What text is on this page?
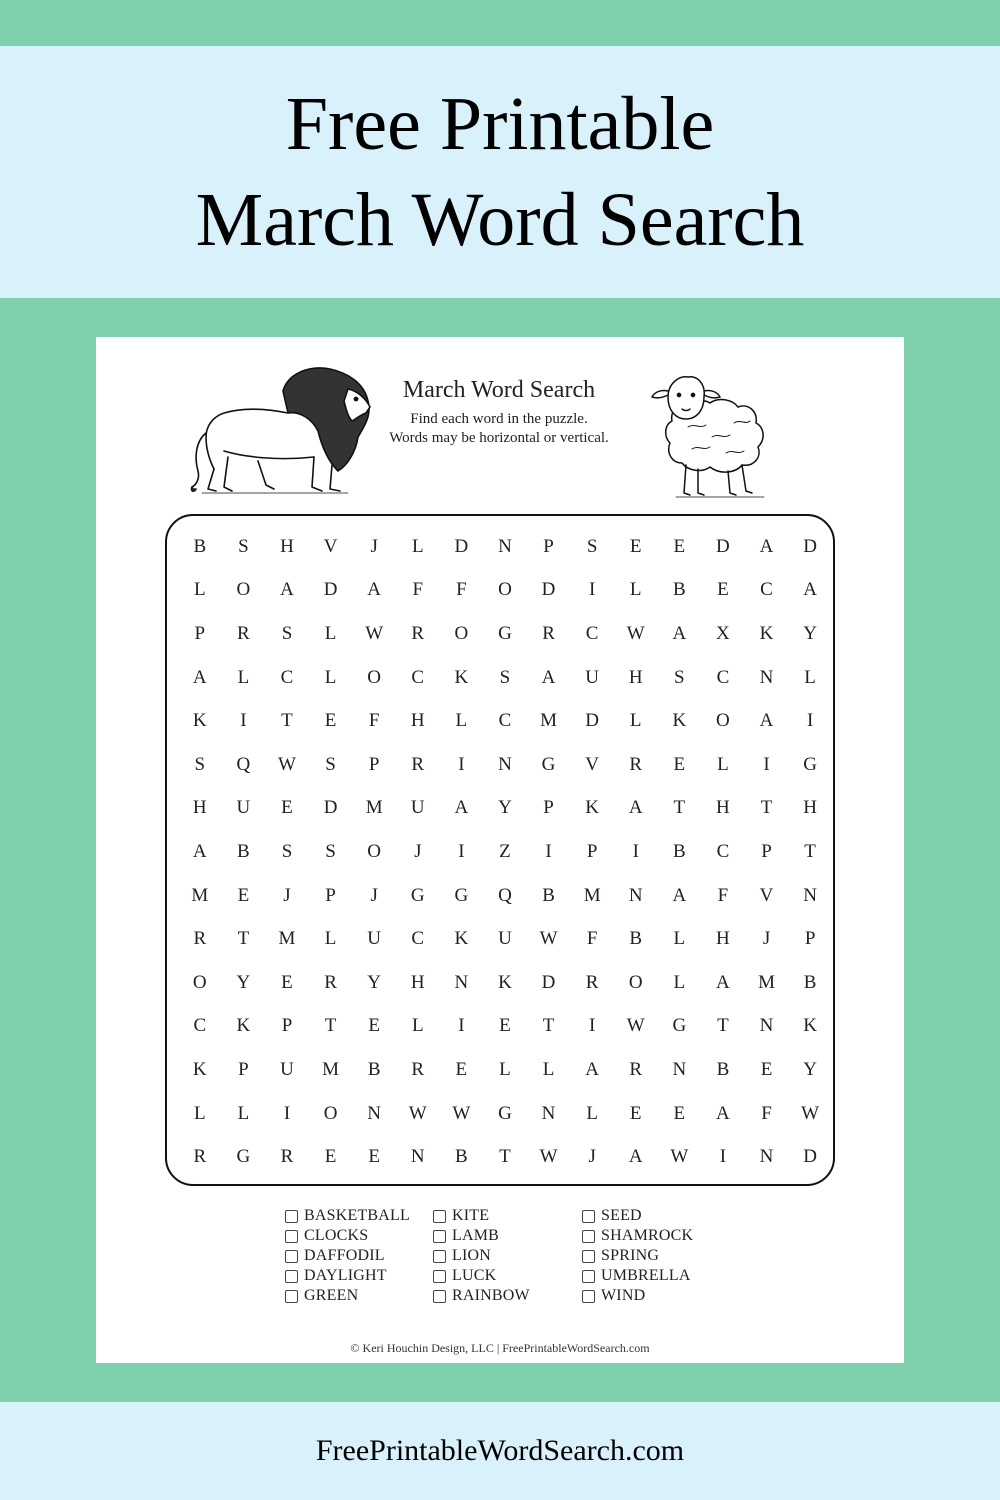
Free Printable
March Word Search
March Word Search
Find each word in the puzzle.
Words may be horizontal or vertical.
B	S	H	V	J	L	D	N	P	S	E	E	D	A	D
L	O	A	D	A	F	F	O	D	I	L	B	E	C	A
P	R	S	L	W	R	O	G	R	C	W	A	X	K	Y
A	L	C	L	O	C	K	S	A	U	H	S	C	N	L
K	I	T	E	F	H	L	C	M	D	L	K	O	A	I
S	Q	W	S	P	R	I	N	G	V	R	E	L	I	G
H	U	E	D	M	U	A	Y	P	K	A	T	H	T	H
A	B	S	S	O	J	I	Z	I	P	I	B	C	P	T
M	E	J	P	J	G	G	Q	B	M	N	A	F	V	N
R	T	M	L	U	C	K	U	W	F	B	L	H	J	P
O	Y	E	R	Y	H	N	K	D	R	O	L	A	M	B
C	K	P	T	E	L	I	E	T	I	W	G	T	N	K
K	P	U	M	B	R	E	L	L	A	R	N	B	E	Y
L	L	I	O	N	W	W	G	N	L	E	E	A	F	W
R	G	R	E	E	N	B	T	W	J	A	W	I	N	D
BASKETBALL
CLOCKS
DAFFODIL
DAYLIGHT
GREEN
KITE
LAMB
LION
LUCK
RAINBOW
SEED
SHAMROCK
SPRING
UMBRELLA
WIND
© Keri Houchin Design, LLC | FreePrintableWordSearch.com
FreePrintableWordSearch.com
